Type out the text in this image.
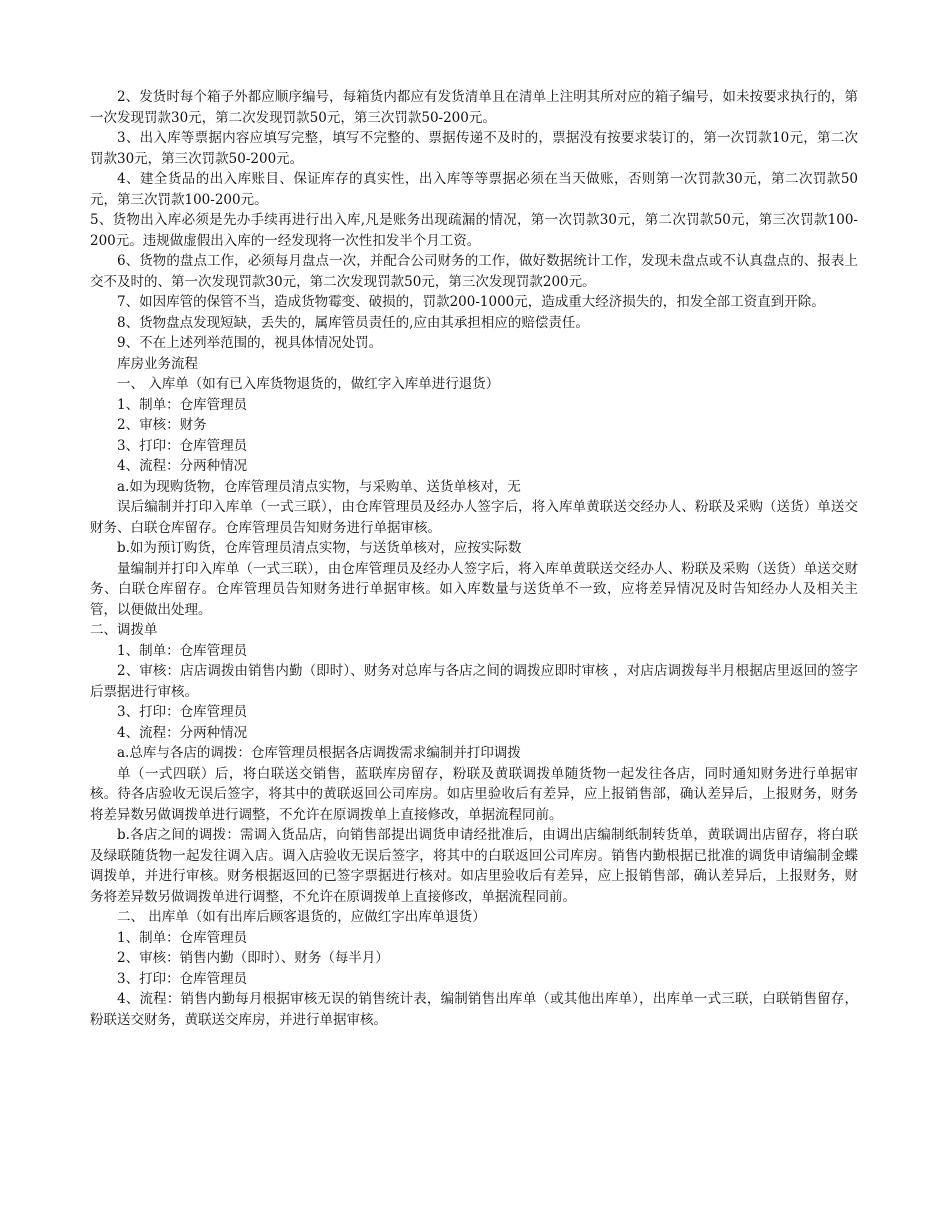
2、发货时每个箱子外都应顺序编号，每箱货内都应有发货清单且在清单上注明其所对应的箱子编号，如未按要求执行的，第一次发现罚款30元，第二次发现罚款50元，第三次罚款50-200元。

3、出入库等票据内容应填写完整，填写不完整的、票据传递不及时的，票据没有按要求装订的，第一次罚款10元，第二次罚款30元，第三次罚款50-200元。

4、建全货品的出入库账目、保证库存的真实性，出入库等等票据必须在当天做账，否则第一次罚款30元，第二次罚款50元，第三次罚款100-200元。

5、货物出入库必须是先办手续再进行出入库,凡是账务出现疏漏的情况，第一次罚款30元，第二次罚款50元，第三次罚款100-200元。违规做虚假出入库的一经发现将一次性扣发半个月工资。

6、货物的盘点工作，必须每月盘点一次，并配合公司财务的工作，做好数据统计工作，发现未盘点或不认真盘点的、报表上交不及时的、第一次发现罚款30元，第二次发现罚款50元，第三次发现罚款200元。

7、如因库管的保管不当，造成货物霉变、破损的，罚款200-1000元，造成重大经济损失的，扣发全部工资直到开除。

8、货物盘点发现短缺，丢失的，属库管员责任的,应由其承担相应的赔偿责任。

9、不在上述列举范围的，视具体情况处罚。

库房业务流程

一、 入库单（如有已入库货物退货的，做红字入库单进行退货）

1、制单：仓库管理员

2、审核：财务

3、打印：仓库管理员

4、流程：分两种情况

a.如为现购货物，仓库管理员清点实物，与采购单、送货单核对，无

误后编制并打印入库单（一式三联），由仓库管理员及经办人签字后，将入库单黄联送交经办人、粉联及采购（送货）单送交财务、白联仓库留存。仓库管理员告知财务进行单据审核。

b.如为预订购货，仓库管理员清点实物，与送货单核对，应按实际数

量编制并打印入库单（一式三联），由仓库管理员及经办人签字后，将入库单黄联送交经办人、粉联及采购（送货）单送交财务、白联仓库留存。仓库管理员告知财务进行单据审核。如入库数量与送货单不一致，应将差异情况及时告知经办人及相关主管，以便做出处理。

二、调拨单

1、制单：仓库管理员

2、审核：店店调拨由销售内勤（即时）、财务对总库与各店之间的调拨应即时审核 ，对店店调拨每半月根据店里返回的签字后票据进行审核。

3、打印：仓库管理员

4、流程：分两种情况

a.总库与各店的调拨：仓库管理员根据各店调拨需求编制并打印调拨

单（一式四联）后，将白联送交销售，蓝联库房留存，粉联及黄联调拨单随货物一起发往各店，同时通知财务进行单据审核。待各店验收无误后签字，将其中的黄联返回公司库房。如店里验收后有差异，应上报销售部，确认差异后，上报财务，财务将差异数另做调拨单进行调整，不允许在原调拨单上直接修改，单据流程同前。

b.各店之间的调拨：需调入货品店，向销售部提出调货申请经批准后，由调出店编制纸制转货单，黄联调出店留存，将白联及绿联随货物一起发往调入店。调入店验收无误后签字，将其中的白联返回公司库房。销售内勤根据已批准的调货申请编制金蝶调拨单，并进行审核。财务根据返回的已签字票据进行核对。如店里验收后有差异，应上报销售部，确认差异后，上报财务，财务将差异数另做调拨单进行调整，不允许在原调拨单上直接修改，单据流程同前。

二、 出库单（如有出库后顾客退货的，应做红字出库单退货）

1、制单：仓库管理员

2、审核：销售内勤（即时）、财务（每半月）

3、打印：仓库管理员

4、流程：销售内勤每月根据审核无误的销售统计表，编制销售出库单（或其他出库单），出库单一式三联，白联销售留存，粉联送交财务，黄联送交库房，并进行单据审核。
